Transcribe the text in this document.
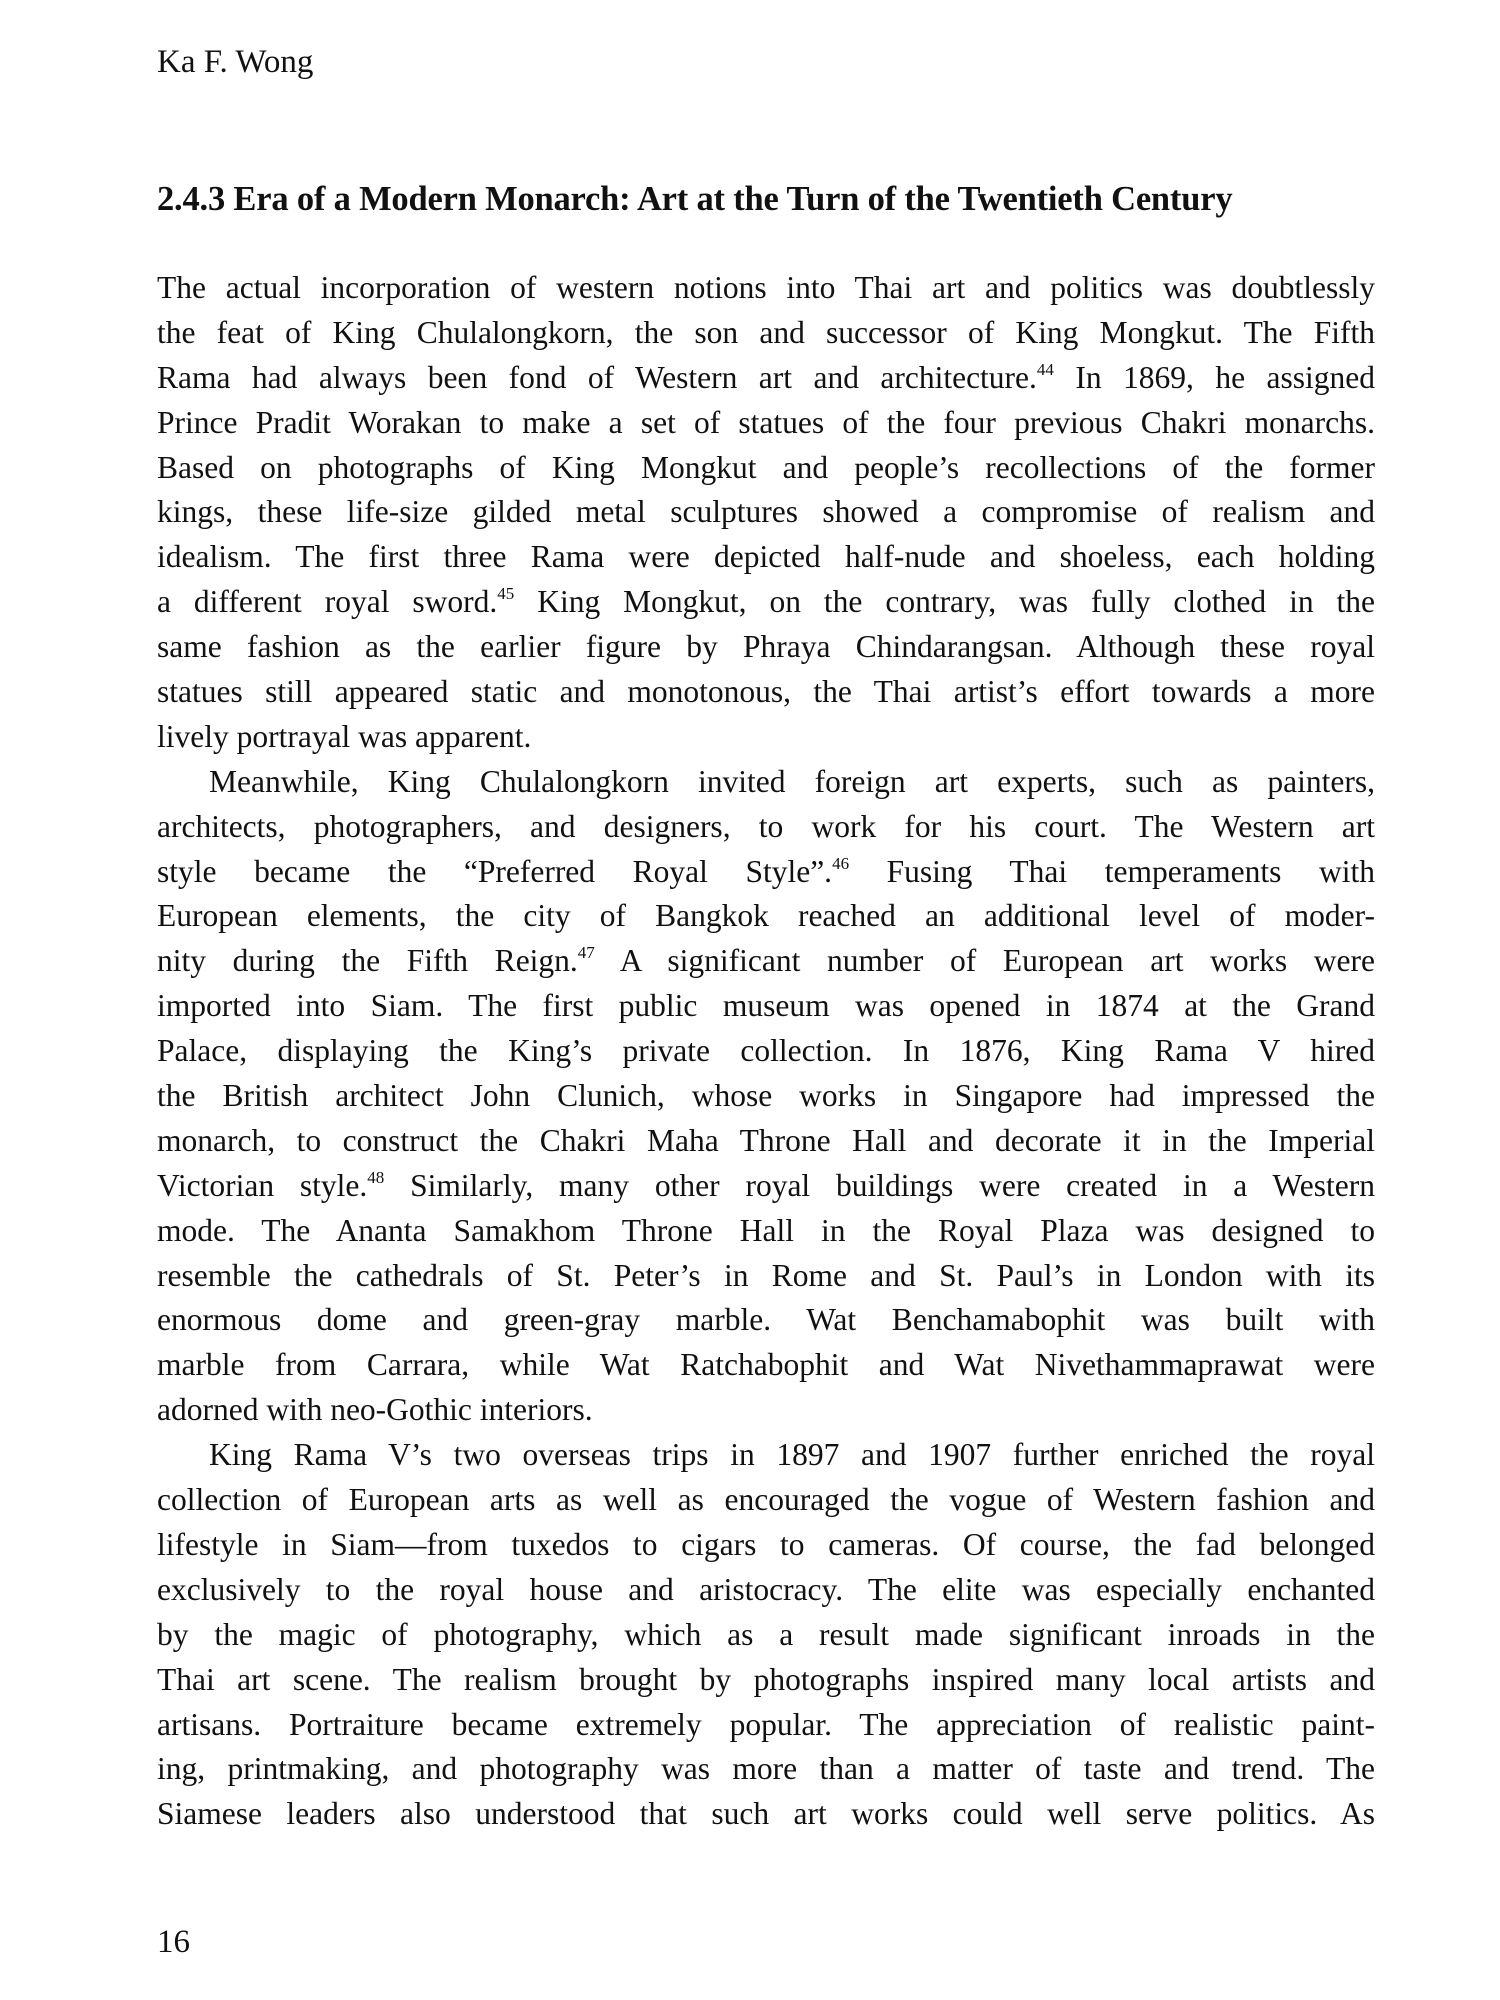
Ka F. Wong
2.4.3 Era of a Modern Monarch: Art at the Turn of the Twentieth Century
The actual incorporation of western notions into Thai art and politics was doubtlessly
the feat of King Chulalongkorn, the son and successor of King Mongkut. The Fifth
Rama had always been fond of Western art and architecture.$^{44}$ In 1869, he assigned
Prince Pradit Worakan to make a set of statues of the four previous Chakri monarchs.
Based on photographs of King Mongkut and people’s recollections of the former
kings, these life-size gilded metal sculptures showed a compromise of realism and
idealism. The first three Rama were depicted half-nude and shoeless, each holding
a different royal sword.$^{45}$ King Mongkut, on the contrary, was fully clothed in the
same fashion as the earlier figure by Phraya Chindarangsan. Although these royal
statues still appeared static and monotonous, the Thai artist’s effort towards a more
lively portrayal was apparent.
Meanwhile, King Chulalongkorn invited foreign art experts, such as painters,
architects, photographers, and designers, to work for his court. The Western art
style became the “Preferred Royal Style”.$^{46}$ Fusing Thai temperaments with
European elements, the city of Bangkok reached an additional level of moder-
nity during the Fifth Reign.$^{47}$ A significant number of European art works were
imported into Siam. The first public museum was opened in 1874 at the Grand
Palace, displaying the King’s private collection. In 1876, King Rama V hired
the British architect John Clunich, whose works in Singapore had impressed the
monarch, to construct the Chakri Maha Throne Hall and decorate it in the Imperial
Victorian style.$^{48}$ Similarly, many other royal buildings were created in a Western
mode. The Ananta Samakhom Throne Hall in the Royal Plaza was designed to
resemble the cathedrals of St. Peter’s in Rome and St. Paul’s in London with its
enormous dome and green-gray marble. Wat Benchamabophit was built with
marble from Carrara, while Wat Ratchabophit and Wat Nivethammaprawat were
adorned with neo-Gothic interiors.
King Rama V’s two overseas trips in 1897 and 1907 further enriched the royal
collection of European arts as well as encouraged the vogue of Western fashion and
lifestyle in Siam—from tuxedos to cigars to cameras. Of course, the fad belonged
exclusively to the royal house and aristocracy. The elite was especially enchanted
by the magic of photography, which as a result made significant inroads in the
Thai art scene. The realism brought by photographs inspired many local artists and
artisans. Portraiture became extremely popular. The appreciation of realistic paint-
ing, printmaking, and photography was more than a matter of taste and trend. The
Siamese leaders also understood that such art works could well serve politics. As
16
